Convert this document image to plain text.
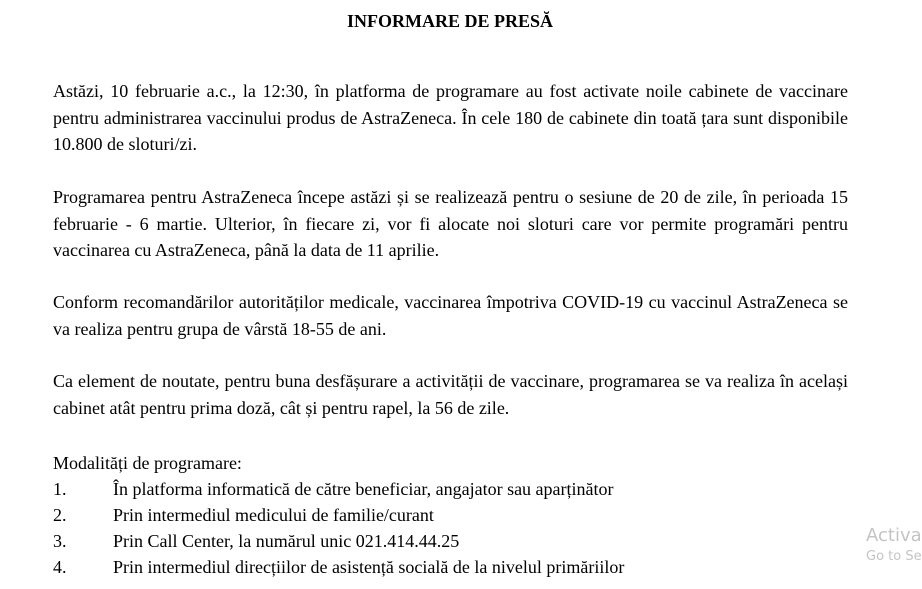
INFORMARE DE PRESĂ

Astăzi, 10 februarie a.c., la 12:30, în platforma de programare au fost activate noile cabinete de vaccinare pentru administrarea vaccinului produs de AstraZeneca. În cele 180 de cabinete din toată țara sunt disponibile 10.800 de sloturi/zi.

Programarea pentru AstraZeneca începe astăzi și se realizează pentru o sesiune de 20 de zile, în perioada 15 februarie - 6 martie. Ulterior, în fiecare zi, vor fi alocate noi sloturi care vor permite programări pentru vaccinarea cu AstraZeneca, până la data de 11 aprilie.

Conform recomandărilor autorităților medicale, vaccinarea împotriva COVID-19 cu vaccinul AstraZeneca se va realiza pentru grupa de vârstă 18-55 de ani.

Ca element de noutate, pentru buna desfășurare a activității de vaccinare, programarea se va realiza în același cabinet atât pentru prima doză, cât și pentru rapel, la 56 de zile.

Modalități de programare:
1.	În platforma informatică de către beneficiar, angajator sau aparținător
2.	Prin intermediul medicului de familie/curant
3.	Prin Call Center, la numărul unic 021.414.44.25
4.	Prin intermediul direcțiilor de asistență socială de la nivelul primăriilor
Activa
Go to Se
